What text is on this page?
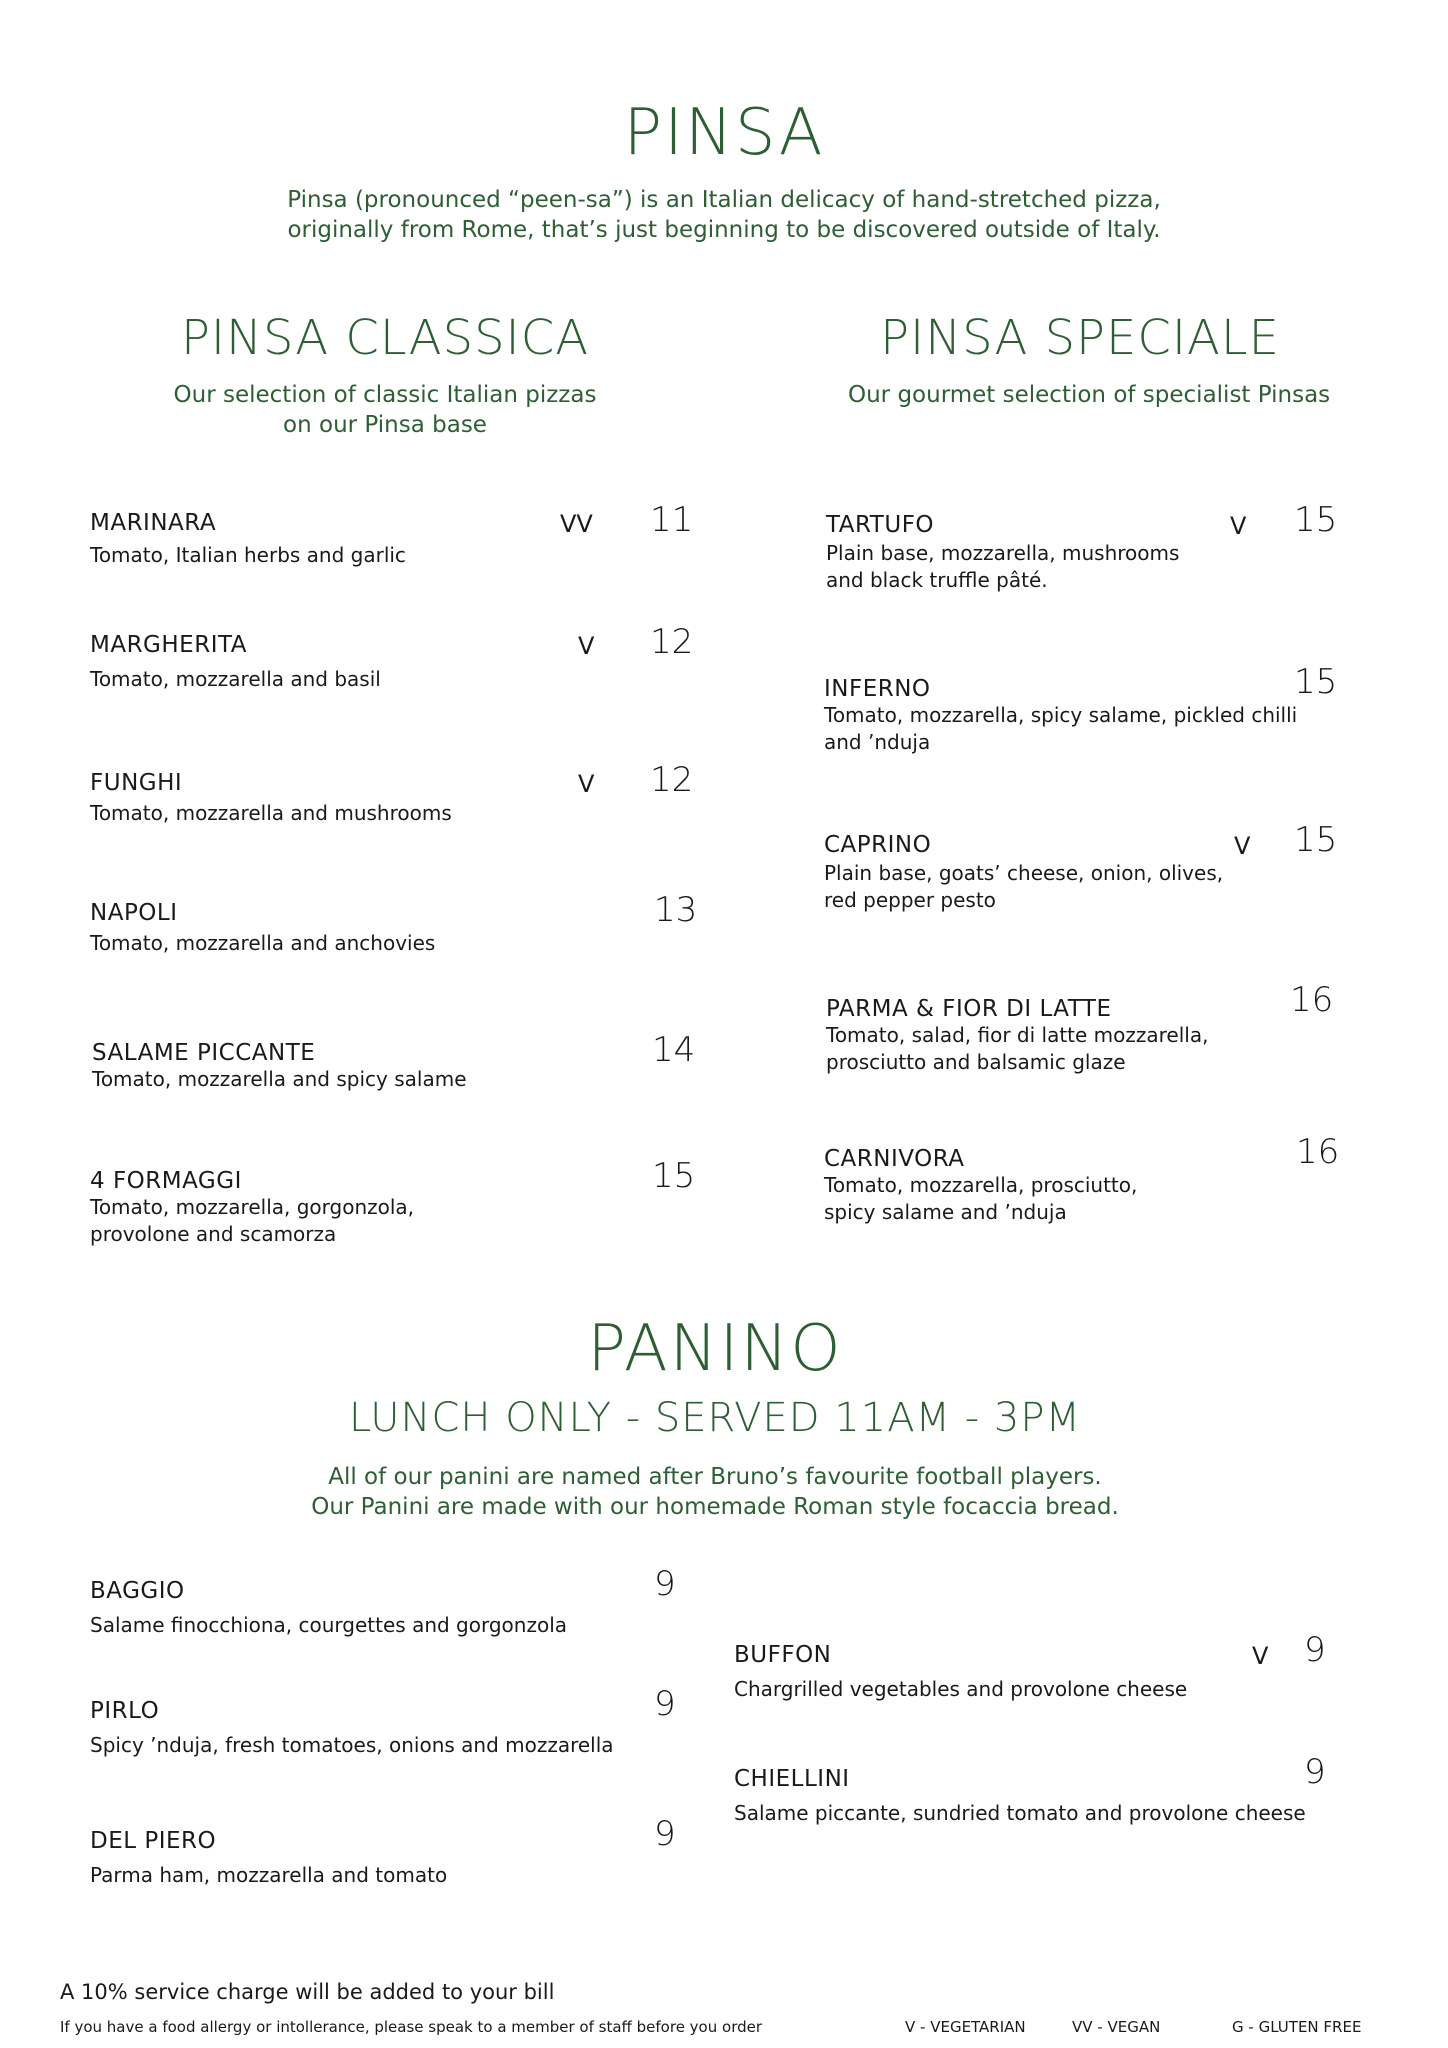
PINSA
Pinsa (pronounced “peen-sa”) is an Italian delicacy of hand-stretched pizza,
originally from Rome, that’s just beginning to be discovered outside of Italy.
PINSA CLASSICA
Our selection of classic Italian pizzas
on our Pinsa base
MARINARA
Tomato, Italian herbs and garlic
VV 11
MARGHERITA
Tomato, mozzarella and basil
V 12
FUNGHI
Tomato, mozzarella and mushrooms
V 12
NAPOLI
Tomato, mozzarella and anchovies
13
SALAME PICCANTE
Tomato, mozzarella and spicy salame
14
4 FORMAGGI
Tomato, mozzarella, gorgonzola,
provolone and scamorza
15
PINSA SPECIALE
Our gourmet selection of specialist Pinsas
TARTUFO
Plain base, mozzarella, mushrooms
and black truffle pâté.
V 15
INFERNO
Tomato, mozzarella, spicy salame, pickled chilli
and ’nduja
15
CAPRINO
Plain base, goats’ cheese, onion, olives,
red pepper pesto
V 15
PARMA & FIOR DI LATTE
Tomato, salad, fior di latte mozzarella,
prosciutto and balsamic glaze
16
CARNIVORA
Tomato, mozzarella, prosciutto,
spicy salame and ’nduja
16
PANINO
LUNCH ONLY - SERVED 11AM - 3PM
All of our panini are named after Bruno’s favourite football players.
Our Panini are made with our homemade Roman style focaccia bread.
BAGGIO
Salame finocchiona, courgettes and gorgonzola
9
PIRLO
Spicy ’nduja, fresh tomatoes, onions and mozzarella
9
DEL PIERO
Parma ham, mozzarella and tomato
9
BUFFON
Chargrilled vegetables and provolone cheese
V 9
CHIELLINI
Salame piccante, sundried tomato and provolone cheese
9
A 10% service charge will be added to your bill
If you have a food allergy or intollerance, please speak to a member of staff before you order	V - VEGETARIAN	VV - VEGAN	G - GLUTEN FREE
